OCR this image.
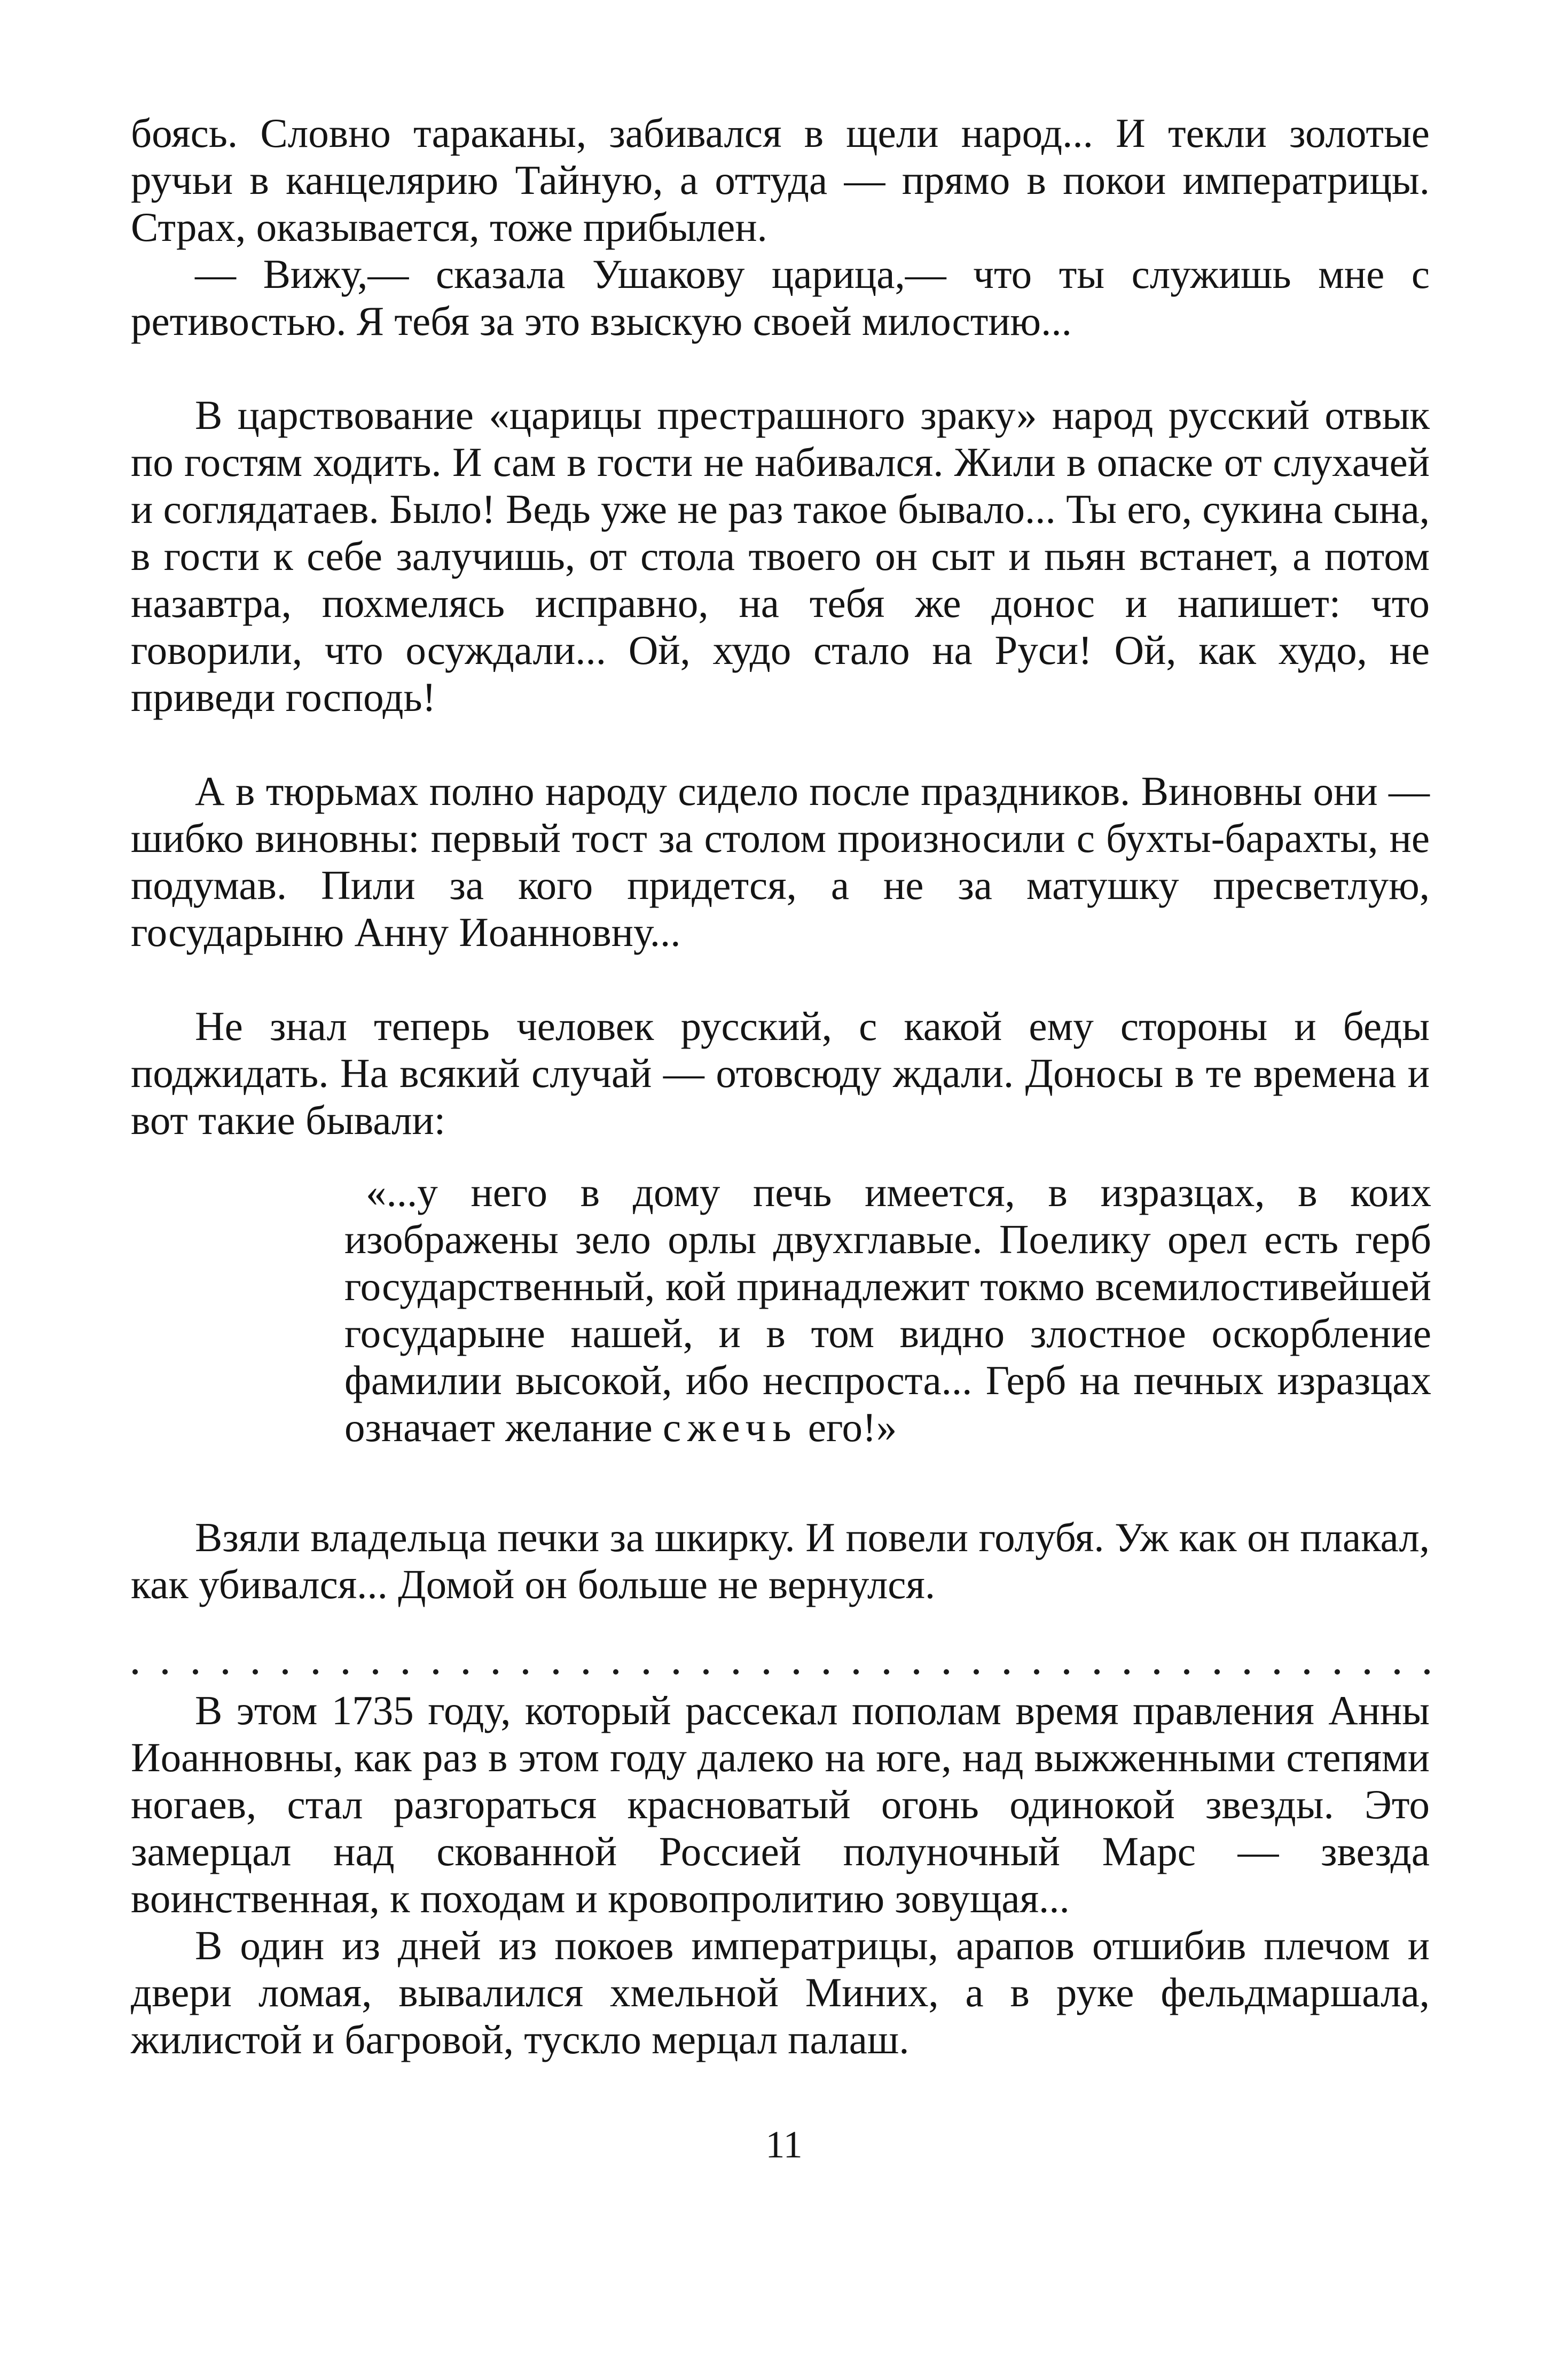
боясь. Словно тараканы, забивался в щели народ... И текли золотые ручьи в канцелярию Тайную, а оттуда — прямо в покои императрицы. Страх, оказывается, тоже прибылен.

— Вижу,— сказала Ушакову царица,— что ты служишь мне с ретивостью. Я тебя за это взыскую своей милостию...

В царствование «царицы престрашного зраку» народ русский отвык по гостям ходить. И сам в гости не набивался. Жили в опаске от слухачей и соглядатаев. Было! Ведь уже не раз такое бывало... Ты его, сукина сына, в гости к себе залучишь, от стола твоего он сыт и пьян встанет, а потом назавтра, похмелясь исправно, на тебя же донос и напишет: что говорили, что осуждали... Ой, худо стало на Руси! Ой, как худо, не приведи господь!

А в тюрьмах полно народу сидело после праздников. Виновны они — шибко виновны: первый тост за столом произносили с бухты-барахты, не подумав. Пили за кого придется, а не за матушку пресветлую, государыню Анну Иоанновну...

Не знал теперь человек русский, с какой ему стороны и беды поджидать. На всякий случай — отовсюду ждали. Доносы в те времена и вот такие бывали:

«...у него в дому печь имеется, в изразцах, в коих изображены зело орлы двухглавые. Поелику орел есть герб государственный, кой принадлежит токмо всемилостивейшей государыне нашей, и в том видно злостное оскорбление фамилии высокой, ибо неспроста... Герб на печных изразцах означает желание сжечь его!»

Взяли владельца печки за шкирку. И повели голубя. Уж как он плакал, как убивался... Домой он больше не вернулся.

В этом 1735 году, который рассекал пополам время правления Анны Иоанновны, как раз в этом году далеко на юге, над выжженными степями ногаев, стал разгораться красноватый огонь одинокой звезды. Это замерцал над скованной Россией полуночный Марс — звезда воинственная, к походам и кровопролитию зовущая...

В один из дней из покоев императрицы, арапов отшибив плечом и двери ломая, вывалился хмельной Миних, а в руке фельдмаршала, жилистой и багровой, тускло мерцал палаш.

11
